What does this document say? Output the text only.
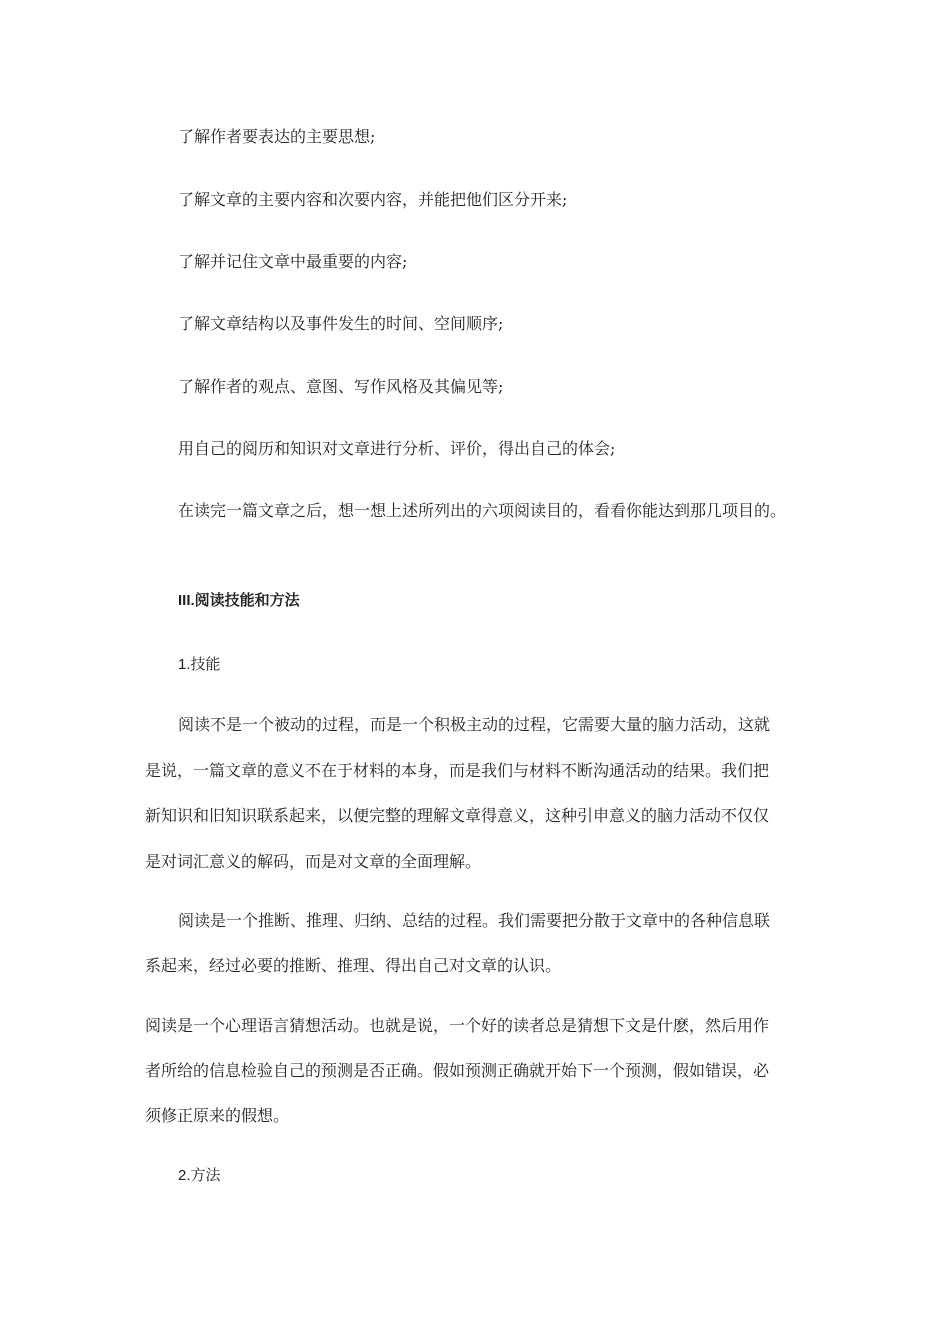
了解作者要表达的主要思想;

了解文章的主要内容和次要内容，并能把他们区分开来;

了解并记住文章中最重要的内容;

了解文章结构以及事件发生的时间、空间顺序;

了解作者的观点、意图、写作风格及其偏见等;

用自己的阅历和知识对文章进行分析、评价，得出自己的体会;

在读完一篇文章之后，想一想上述所列出的六项阅读目的，看看你能达到那几项目的。

III.阅读技能和方法

1.技能

阅读不是一个被动的过程，而是一个积极主动的过程，它需要大量的脑力活动，这就

是说，一篇文章的意义不在于材料的本身，而是我们与材料不断沟通活动的结果。我们把

新知识和旧知识联系起来，以便完整的理解文章得意义，这种引申意义的脑力活动不仅仅

是对词汇意义的解码，而是对文章的全面理解。

阅读是一个推断、推理、归纳、总结的过程。我们需要把分散于文章中的各种信息联

系起来，经过必要的推断、推理、得出自己对文章的认识。

阅读是一个心理语言猜想活动。也就是说，一个好的读者总是猜想下文是什麽，然后用作

者所给的信息检验自己的预测是否正确。假如预测正确就开始下一个预测，假如错误，必

须修正原来的假想。

2.方法
